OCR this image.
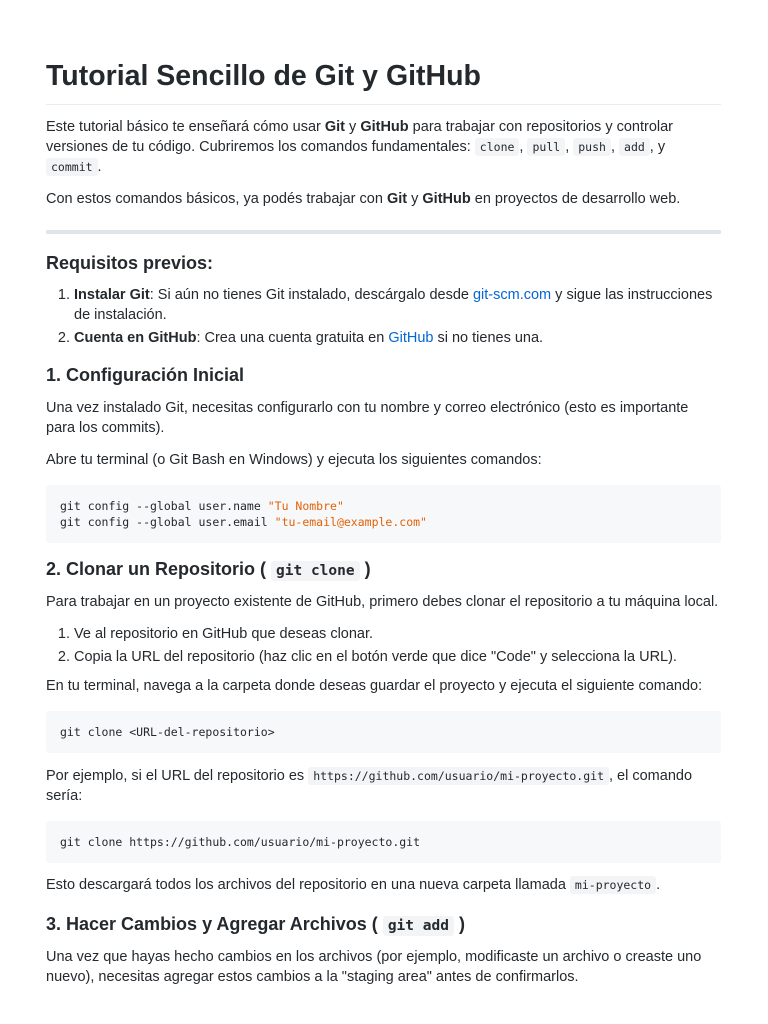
Tutorial Sencillo de Git y GitHub

Este tutorial básico te enseñará cómo usar Git y GitHub para trabajar con repositorios y controlar versiones de tu código. Cubriremos los comandos fundamentales: clone , pull , push , add , y commit .

Con estos comandos básicos, ya podés trabajar con Git y GitHub en proyectos de desarrollo web.

Requisitos previos:
1. Instalar Git: Si aún no tienes Git instalado, descárgalo desde git-scm.com y sigue las instrucciones de instalación.
2. Cuenta en GitHub: Crea una cuenta gratuita en GitHub si no tienes una.
1. Configuración Inicial

Una vez instalado Git, necesitas configurarlo con tu nombre y correo electrónico (esto es importante para los commits).

Abre tu terminal (o Git Bash en Windows) y ejecuta los siguientes comandos:

git config --global user.name "Tu Nombre"
git config --global user.email "tu-email@example.com"
2. Clonar un Repositorio ( git clone )

Para trabajar en un proyecto existente de GitHub, primero debes clonar el repositorio a tu máquina local.

1. Ve al repositorio en GitHub que deseas clonar.
2. Copia la URL del repositorio (haz clic en el botón verde que dice "Code" y selecciona la URL).

En tu terminal, navega a la carpeta donde deseas guardar el proyecto y ejecuta el siguiente comando:

git clone <URL-del-repositorio>

Por ejemplo, si el URL del repositorio es https://github.com/usuario/mi-proyecto.git , el comando sería:

git clone https://github.com/usuario/mi-proyecto.git

Esto descargará todos los archivos del repositorio en una nueva carpeta llamada mi-proyecto .

3. Hacer Cambios y Agregar Archivos ( git add )

Una vez que hayas hecho cambios en los archivos (por ejemplo, modificaste un archivo o creaste uno nuevo), necesitas agregar estos cambios a la "staging area" antes de confirmarlos.
